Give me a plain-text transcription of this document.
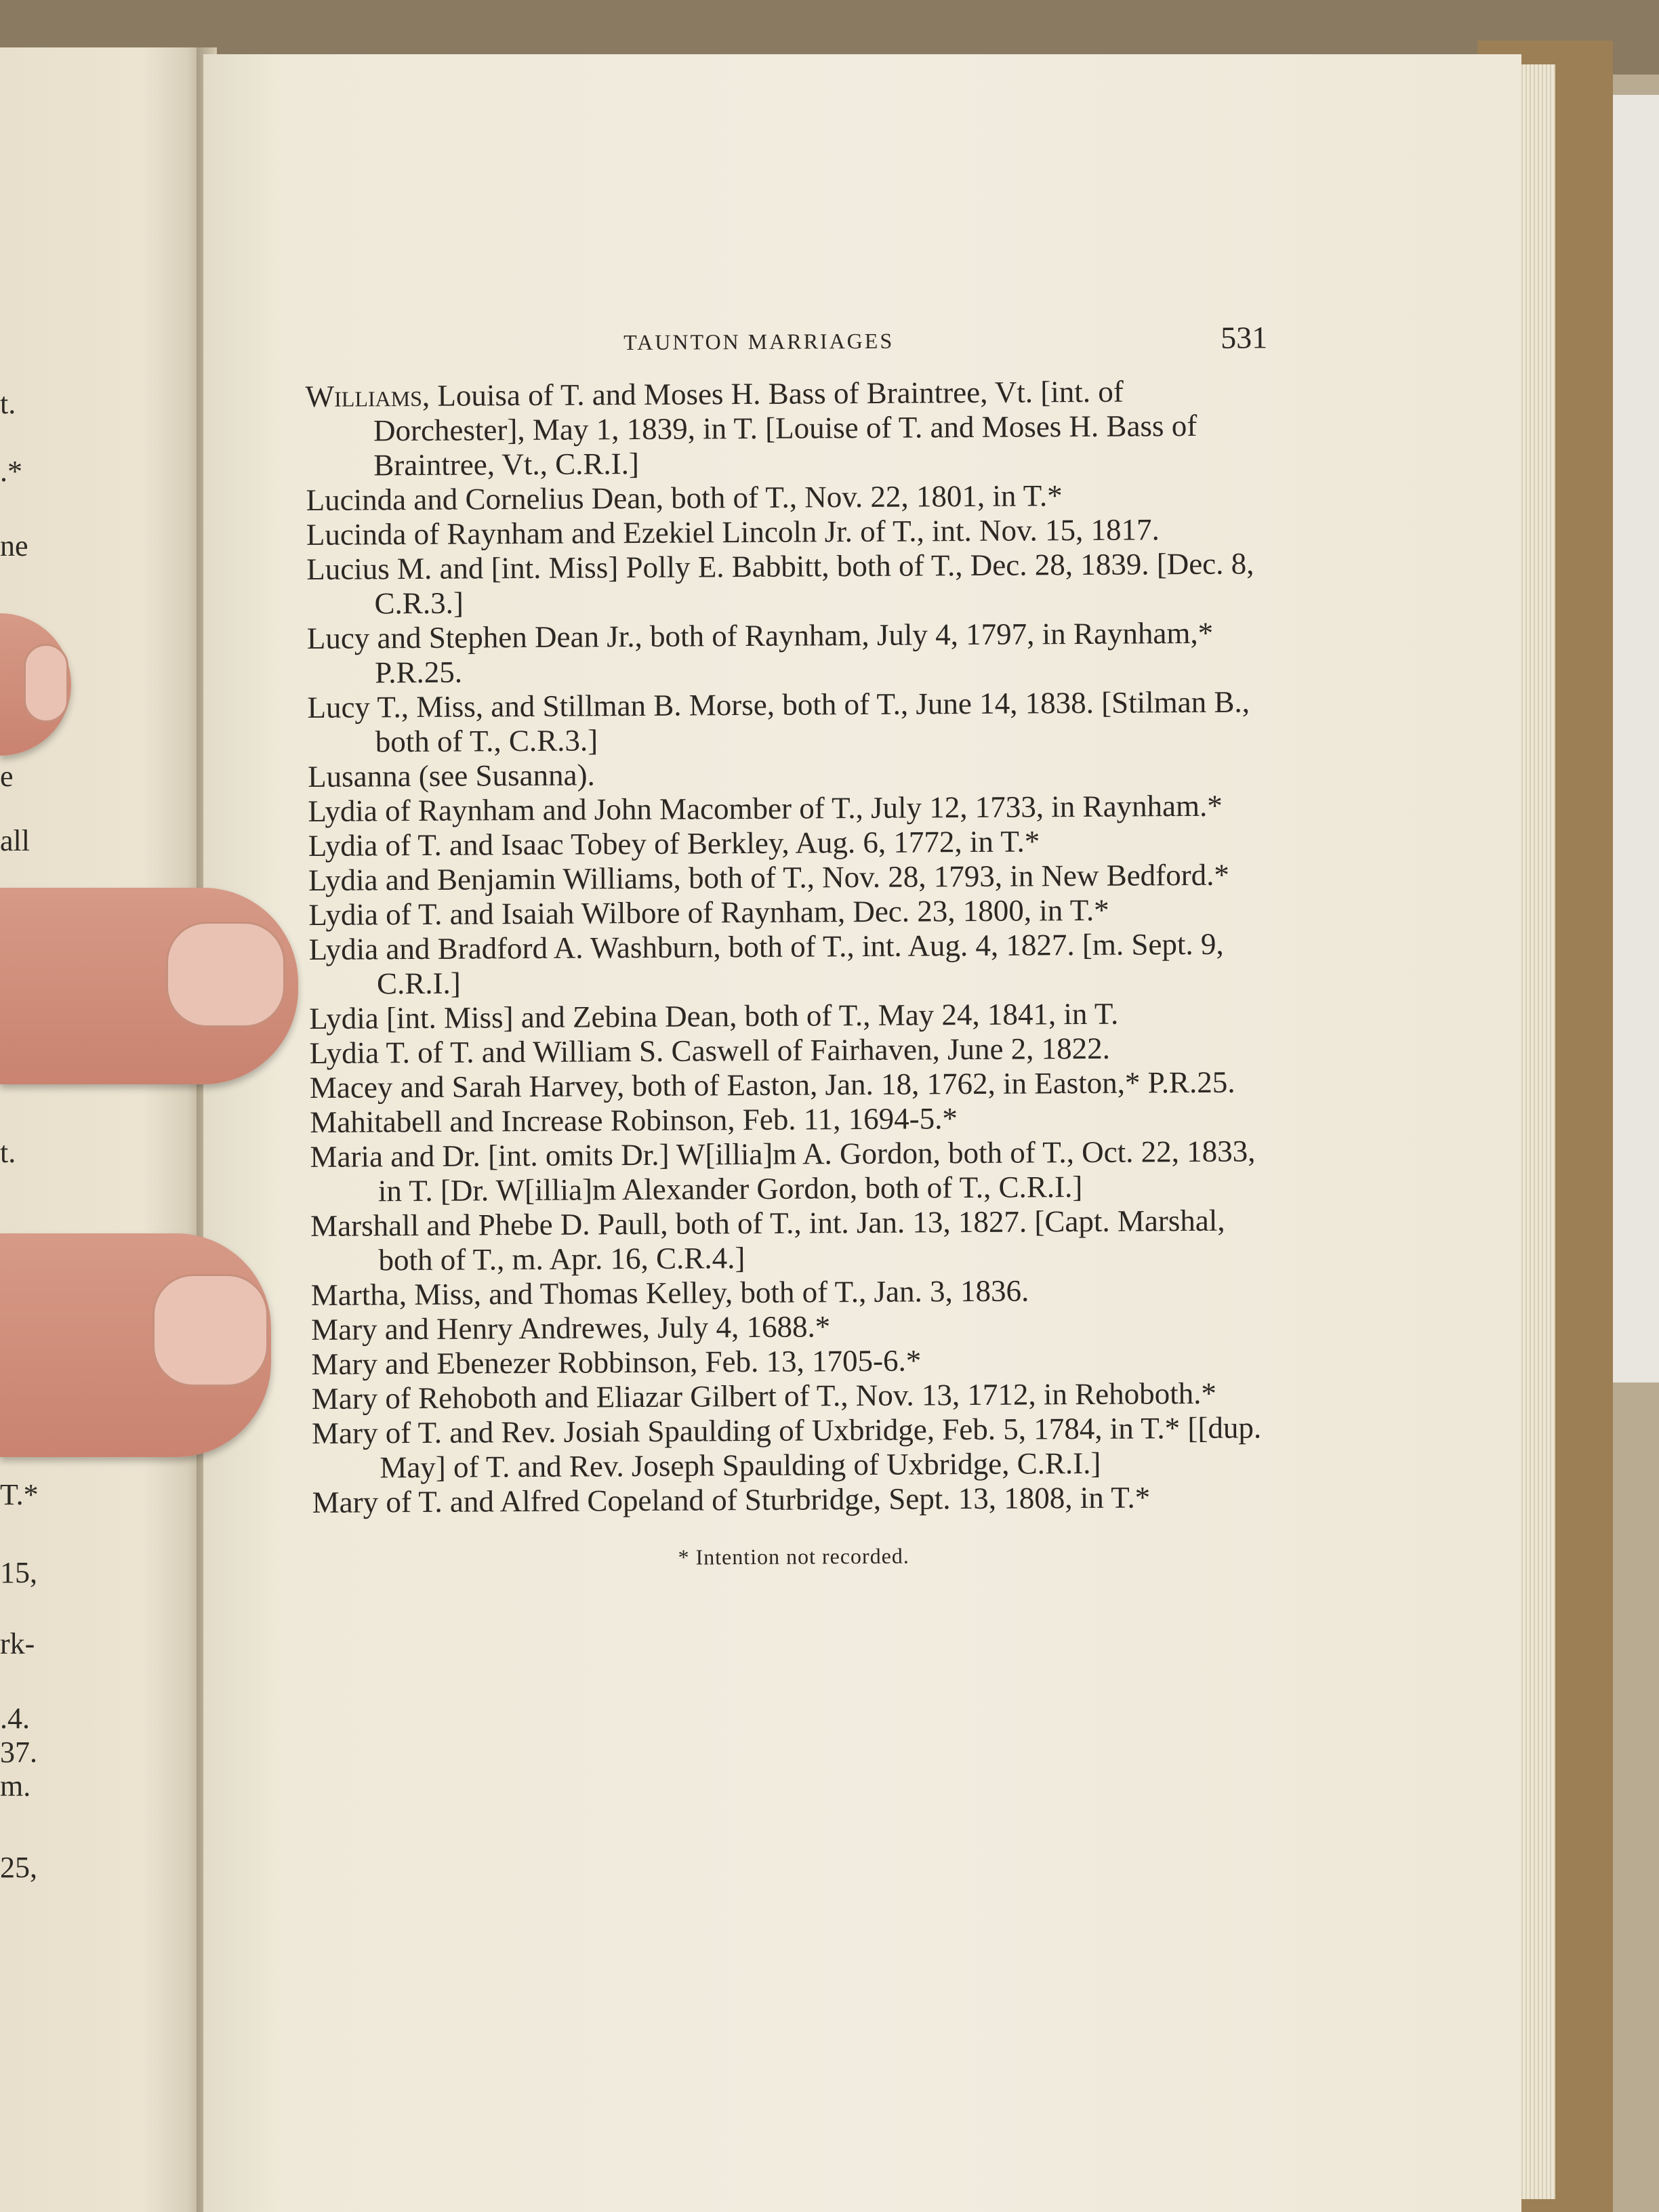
t.
.*
ne
e
all
t.
T.*
15,
rk-
.4.
37.
m.
25,
TAUNTON MARRIAGES	531

Williams, Louisa of T. and Moses H. Bass of Braintree, Vt. [int. of Dorchester], May 1, 1839, in T. [Louise of T. and Moses H. Bass of Braintree, Vt., C.R.I.]

Lucinda and Cornelius Dean, both of T., Nov. 22, 1801, in T.*

Lucinda of Raynham and Ezekiel Lincoln Jr. of T., int. Nov. 15, 1817.

Lucius M. and [int. Miss] Polly E. Babbitt, both of T., Dec. 28, 1839. [Dec. 8, C.R.3.]

Lucy and Stephen Dean Jr., both of Raynham, July 4, 1797, in Raynham,* P.R.25.

Lucy T., Miss, and Stillman B. Morse, both of T., June 14, 1838. [Stilman B., both of T., C.R.3.]

Lusanna (see Susanna).

Lydia of Raynham and John Macomber of T., July 12, 1733, in Raynham.*

Lydia of T. and Isaac Tobey of Berkley, Aug. 6, 1772, in T.*

Lydia and Benjamin Williams, both of T., Nov. 28, 1793, in New Bedford.*

Lydia of T. and Isaiah Wilbore of Raynham, Dec. 23, 1800, in T.*

Lydia and Bradford A. Washburn, both of T., int. Aug. 4, 1827. [m. Sept. 9, C.R.I.]

Lydia [int. Miss] and Zebina Dean, both of T., May 24, 1841, in T.

Lydia T. of T. and William S. Caswell of Fairhaven, June 2, 1822.

Macey and Sarah Harvey, both of Easton, Jan. 18, 1762, in Easton,* P.R.25.

Mahitabell and Increase Robinson, Feb. 11, 1694-5.*

Maria and Dr. [int. omits Dr.] W[illia]m A. Gordon, both of T., Oct. 22, 1833, in T. [Dr. W[illia]m Alexander Gordon, both of T., C.R.I.]

Marshall and Phebe D. Paull, both of T., int. Jan. 13, 1827. [Capt. Marshal, both of T., m. Apr. 16, C.R.4.]

Martha, Miss, and Thomas Kelley, both of T., Jan. 3, 1836.

Mary and Henry Andrewes, July 4, 1688.*

Mary and Ebenezer Robbinson, Feb. 13, 1705-6.*

Mary of Rehoboth and Eliazar Gilbert of T., Nov. 13, 1712, in Rehoboth.*

Mary of T. and Rev. Josiah Spaulding of Uxbridge, Feb. 5, 1784, in T.* [[dup. May] of T. and Rev. Joseph Spaulding of Uxbridge, C.R.I.]

Mary of T. and Alfred Copeland of Sturbridge, Sept. 13, 1808, in T.*

* Intention not recorded.
